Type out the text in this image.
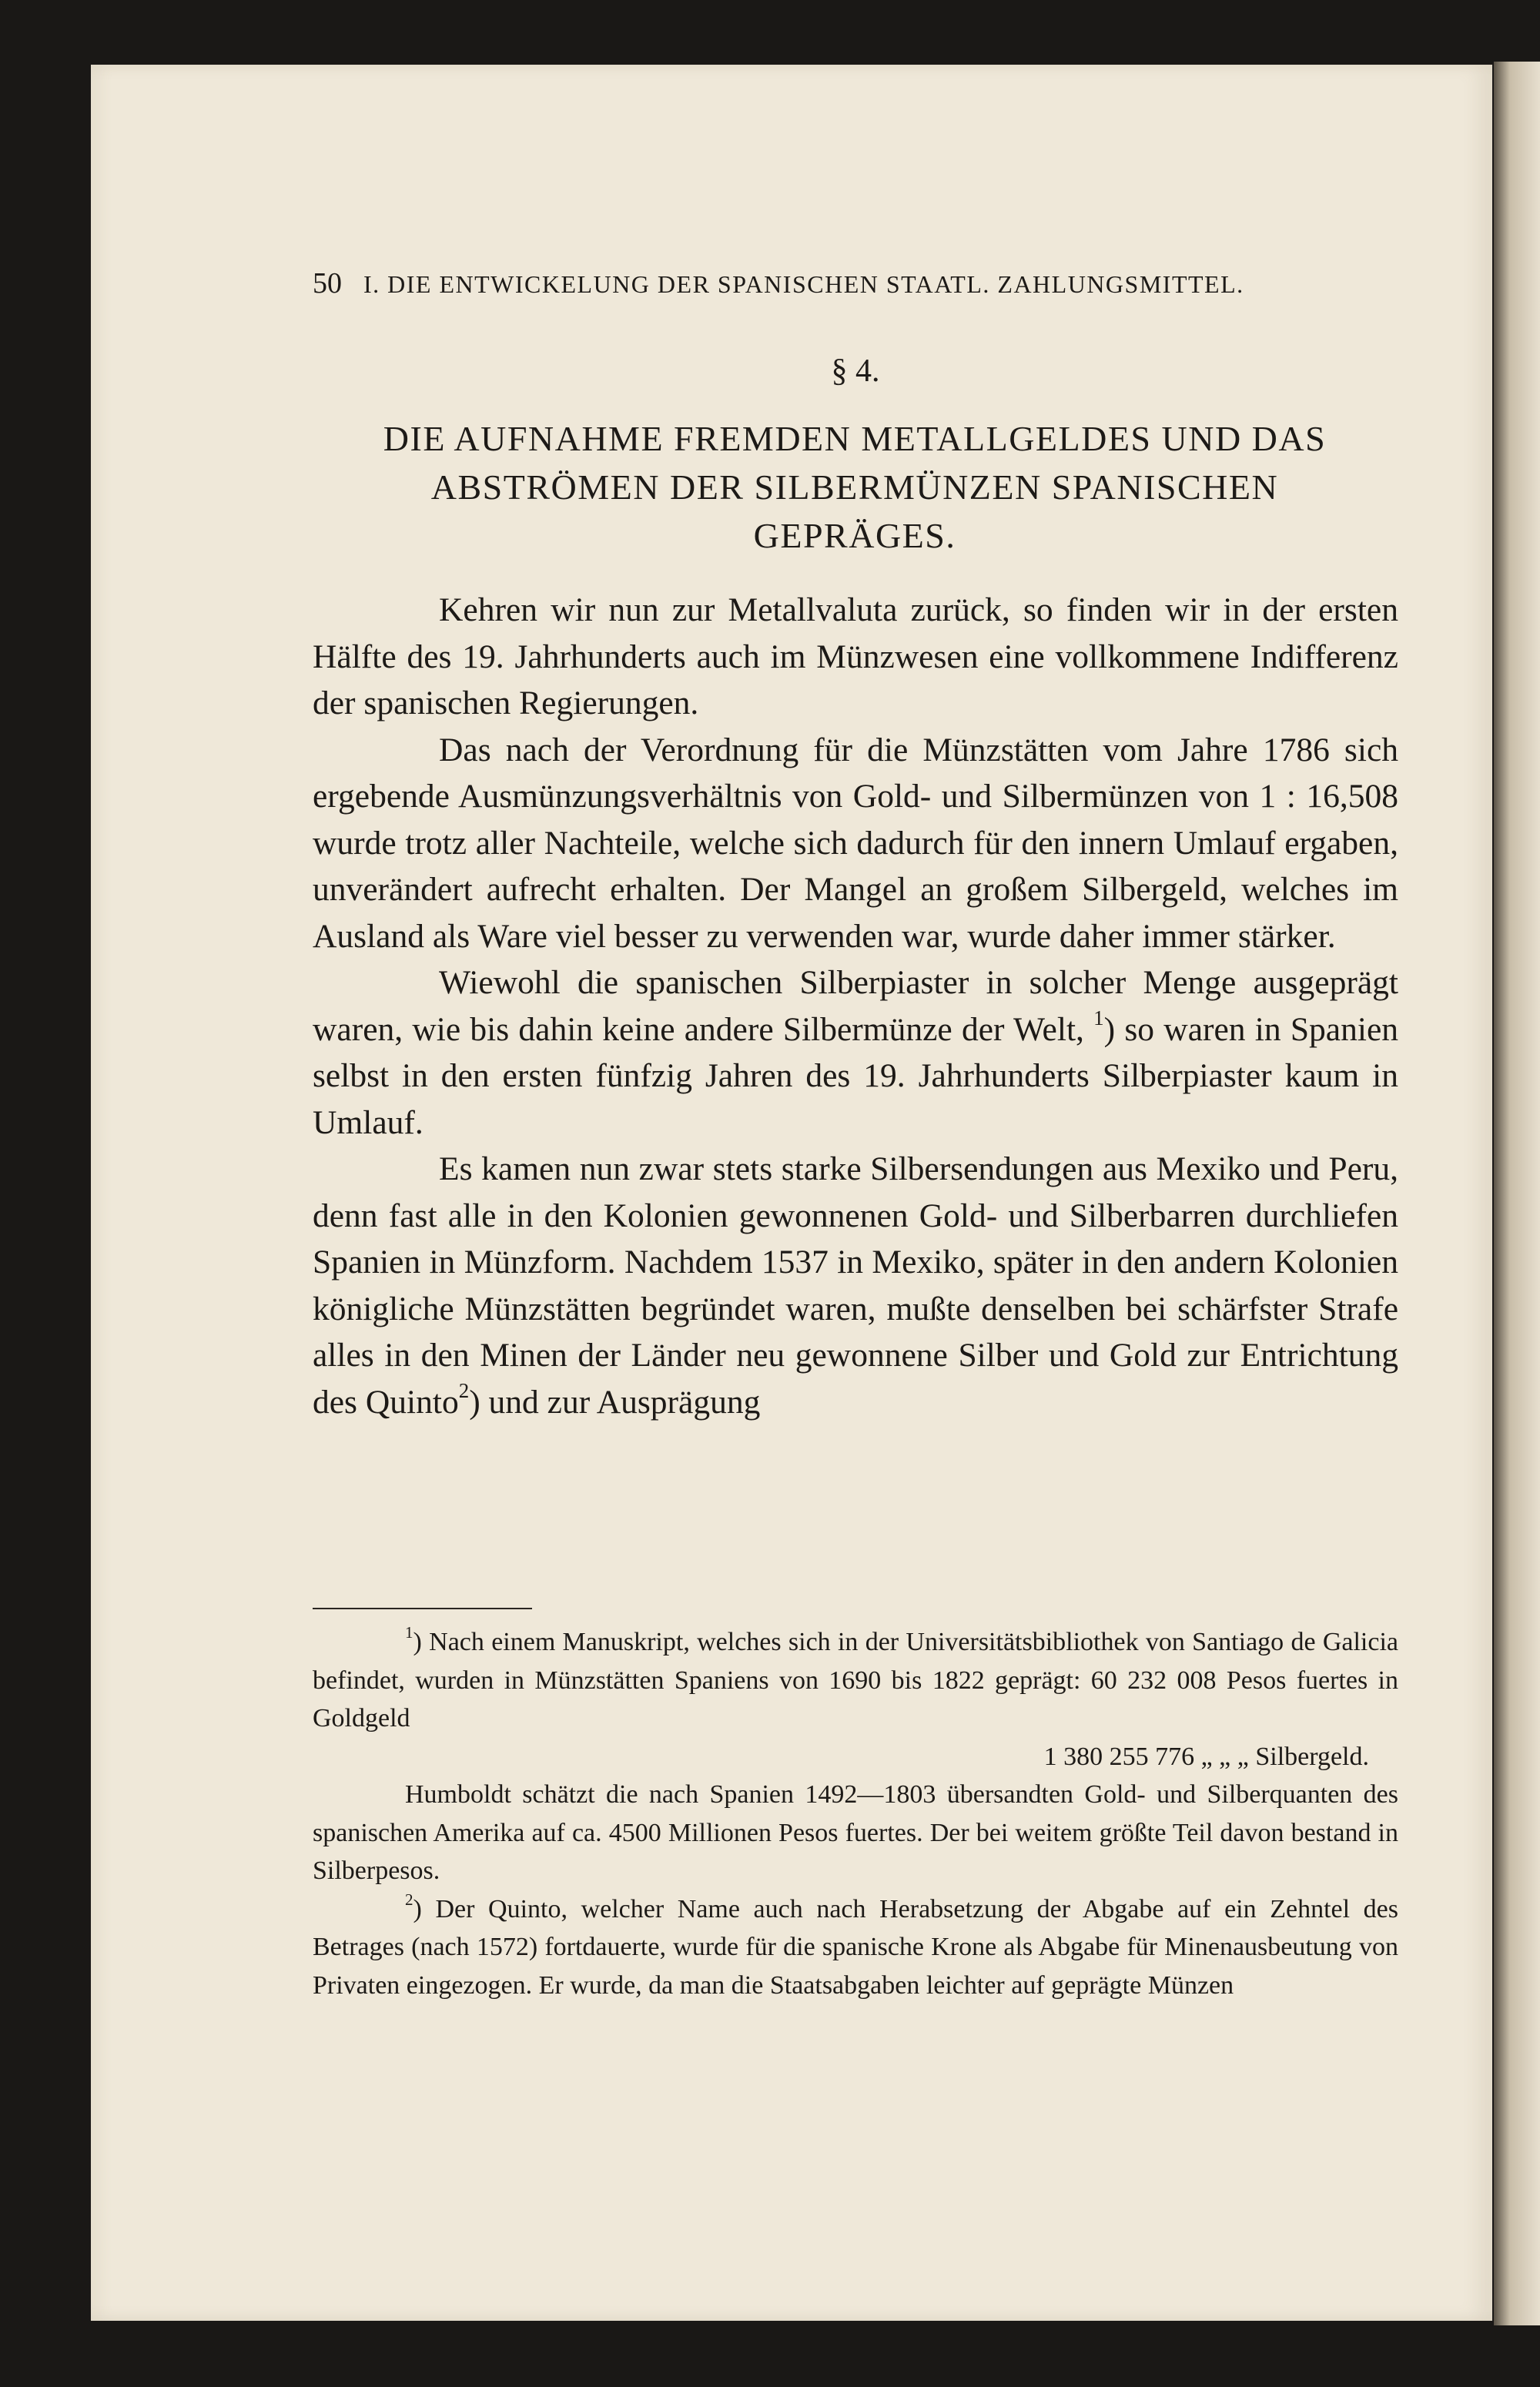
50 I. DIE ENTWICKELUNG DER SPANISCHEN STAATL. ZAHLUNGSMITTEL.
§ 4.
DIE AUFNAHME FREMDEN METALLGELDES UND DAS
ABSTRÖMEN DER SILBERMÜNZEN SPANISCHEN
GEPRÄGES.

Kehren wir nun zur Metallvaluta zurück, so finden wir in der ersten Hälfte des 19. Jahrhunderts auch im Münzwesen eine vollkommene Indifferenz der spanischen Regierungen.

Das nach der Verordnung für die Münzstätten vom Jahre 1786 sich ergebende Ausmünzungsverhältnis von Gold- und Silbermünzen von 1 : 16,508 wurde trotz aller Nachteile, welche sich dadurch für den innern Umlauf ergaben, unverändert aufrecht erhalten. Der Mangel an großem Silbergeld, welches im Ausland als Ware viel besser zu verwenden war, wurde daher immer stärker.

Wiewohl die spanischen Silberpiaster in solcher Menge ausgeprägt waren, wie bis dahin keine andere Silbermünze der Welt, $^1$) so waren in Spanien selbst in den ersten fünfzig Jahren des 19. Jahrhunderts Silberpiaster kaum in Umlauf.

Es kamen nun zwar stets starke Silbersendungen aus Mexiko und Peru, denn fast alle in den Kolonien gewonnenen Gold- und Silberbarren durchliefen Spanien in Münzform. Nachdem 1537 in Mexiko, später in den andern Kolonien königliche Münzstätten begründet waren, mußte denselben bei schärfster Strafe alles in den Minen der Länder neu gewonnene Silber und Gold zur Entrichtung des Quinto$^2$) und zur Ausprägung

$^1$) Nach einem Manuskript, welches sich in der Universitätsbibliothek von Santiago de Galicia befindet, wurden in Münzstätten Spaniens von 1690 bis 1822 geprägt: 60 232 008 Pesos fuertes in Goldgeld

1 380 255 776 „ „ „ Silbergeld.

Humboldt schätzt die nach Spanien 1492—1803 übersandten Gold- und Silberquanten des spanischen Amerika auf ca. 4500 Millionen Pesos fuertes. Der bei weitem größte Teil davon bestand in Silberpesos.

$^2$) Der Quinto, welcher Name auch nach Herabsetzung der Abgabe auf ein Zehntel des Betrages (nach 1572) fortdauerte, wurde für die spanische Krone als Abgabe für Minenausbeutung von Privaten eingezogen. Er wurde, da man die Staatsabgaben leichter auf geprägte Münzen
